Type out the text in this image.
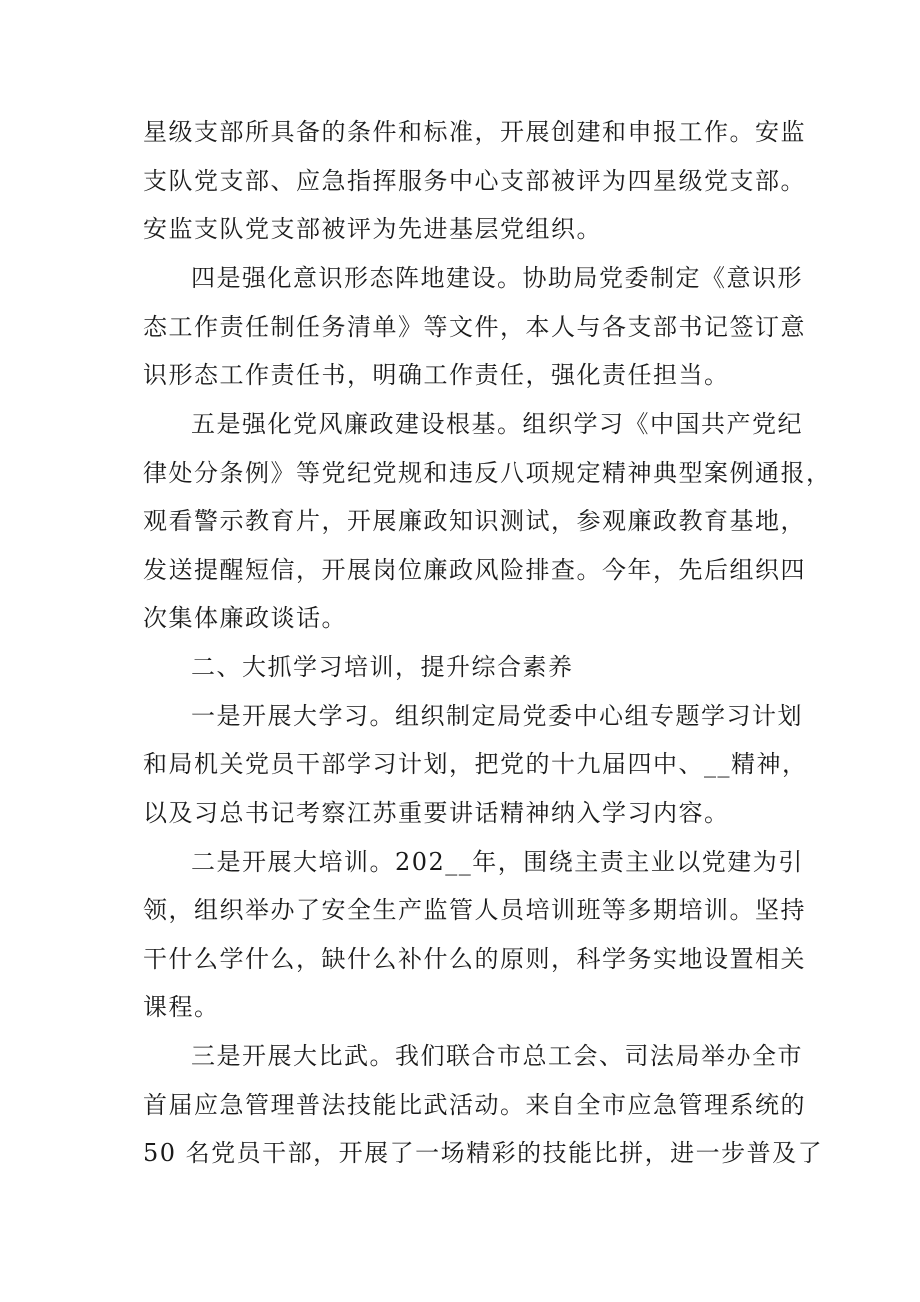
星级支部所具备的条件和标准，开展创建和申报工作。安监
支队党支部、应急指挥服务中心支部被评为四星级党支部。
安监支队党支部被评为先进基层党组织。
四是强化意识形态阵地建设。协助局党委制定《意识形
态工作责任制任务清单》等文件，本人与各支部书记签订意
识形态工作责任书，明确工作责任，强化责任担当。
五是强化党风廉政建设根基。组织学习《中国共产党纪
律处分条例》等党纪党规和违反八项规定精神典型案例通报，
观看警示教育片，开展廉政知识测试，参观廉政教育基地，
发送提醒短信，开展岗位廉政风险排查。今年，先后组织四
次集体廉政谈话。
二、大抓学习培训，提升综合素养
一是开展大学习。组织制定局党委中心组专题学习计划
和局机关党员干部学习计划，把党的十九届四中、__精神，
以及习总书记考察江苏重要讲话精神纳入学习内容。
二是开展大培训。202__年，围绕主责主业以党建为引
领，组织举办了安全生产监管人员培训班等多期培训。坚持
干什么学什么，缺什么补什么的原则，科学务实地设置相关
课程。
三是开展大比武。我们联合市总工会、司法局举办全市
首届应急管理普法技能比武活动。来自全市应急管理系统的
50 名党员干部，开展了一场精彩的技能比拼，进一步普及了
